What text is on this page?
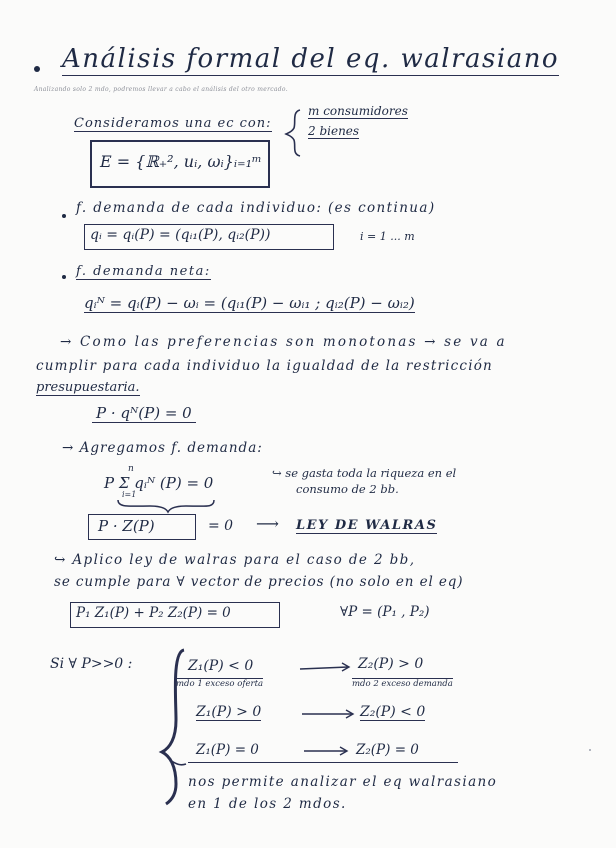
Análisis formal del eq. walrasiano
Analizando solo 2 mdo, podremos llevar a cabo el análisis del otro mercado.
Consideramos una ec con:
m consumidores
2 bienes
E = {ℝ₊², uᵢ, ωᵢ}ᵢ₌₁ᵐ
f. demanda de cada individuo: (es continua)
qᵢ = qᵢ(P) = (qᵢ₁(P), qᵢ₂(P))	i = 1 ... m
f. demanda neta:
qᵢᴺ = qᵢ(P) − ωᵢ = (qᵢ₁(P) − ωᵢ₁ ; qᵢ₂(P) − ωᵢ₂)
→ Como las preferencias son monotonas → se va a
cumplir para cada individuo la igualdad de la restricción
presupuestaria.
P · qᴺ(P) = 0
→ Agregamos f. demanda:
n
i=1
P Σ qᵢᴺ (P) = 0
↪ se gasta toda la riqueza en el
consumo de 2 bb.
P · Z(P)	= 0 ⟶ LEY DE WALRAS
↪ Aplico ley de walras para el caso de 2 bb,
se cumple para ∀ vector de precios (no solo en el eq)
P₁ Z₁(P) + P₂ Z₂(P) = 0	∀P = (P₁ , P₂)
Si ∀ P>>0 :	Z₁(P) < 0	Z₂(P) > 0
mdo 1 exceso oferta	mdo 2 exceso demanda
Z₁(P) > 0	Z₂(P) < 0
Z₁(P) = 0	Z₂(P) = 0
nos permite analizar el eq walrasiano
en 1 de los 2 mdos.
